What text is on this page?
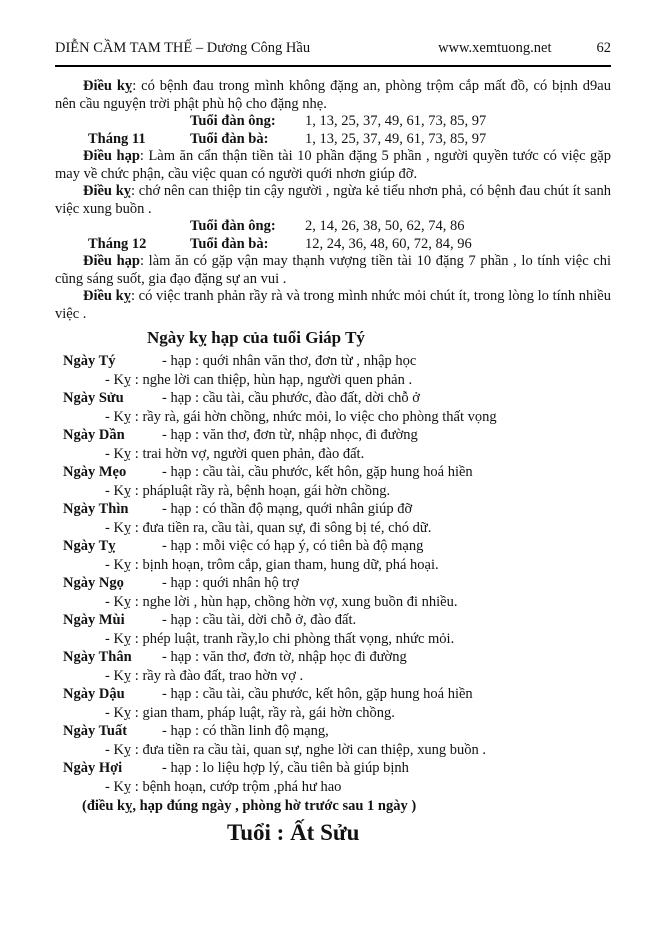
DIỄN CẦM TAM THẾ – Dương Công Hầu	www.xemtuong.net	62

Điều kỵ: có bệnh đau trong mình không đặng an, phòng trộm cắp mất đồ, có bịnh d9au nên cầu nguyện trời phật phù hộ cho đặng nhẹ.

Tuổi đàn ông: 1, 13, 25, 37, 49, 61, 73, 85, 97
Tháng 11	Tuổi đàn bà:	1, 13, 25, 37, 49, 61, 73, 85, 97

Điều hạp: Làm ăn cẩn thận tiền tài 10 phần đặng 5 phần , người quyền tước có việc gặp may về chức phận, cầu việc quan có người quới nhơn giúp đỡ.

Điều kỵ: chớ nên can thiệp tin cậy người , ngừa kẻ tiểu nhơn phả, có bệnh đau chút ít sanh việc xung buồn .

Tuổi đàn ông: 2, 14, 26, 38, 50, 62, 74, 86
Tháng 12	Tuổi đàn bà:	12, 24, 36, 48, 60, 72, 84, 96

Điều hạp: làm ăn có gặp vận may thạnh vượng tiền tài 10 đặng 7 phần , lo tính việc chi cũng sáng suốt, gia đạo đặng sự an vui .

Điều kỵ: có việc tranh phản rầy rà và trong mình nhức mỏi chút ít, trong lòng lo tính nhiều việc .

Ngày kỵ hạp của tuổi Giáp Tý
Ngày Tý	- hạp : quới nhân văn thơ, đơn từ , nhập học
- Kỵ : nghe lời can thiệp, hùn hạp, người quen phản .
Ngày Sửu	- hạp : cầu tài, cầu phước, đào đất, dời chỗ ở
- Kỵ : rầy rà, gái hờn chồng, nhức mỏi, lo việc cho phòng thất vọng
Ngày Dần	- hạp : văn thơ, đơn từ, nhập nhọc, đi đường
- Kỵ : trai hờn vợ, người quen phản, đào đất.
Ngày Mẹo - hạp : cầu tài, cầu phước, kết hôn, gặp hung hoá hiền
- Kỵ : phápluật rầy rà, bệnh hoạn, gái hờn chồng.
Ngày Thìn - hạp : có thần độ mạng, quới nhân giúp đỡ
- Kỵ : đưa tiền ra, cầu tài, quan sự, đi sông bị té, chó dữ.
Ngày Tỵ	- hạp : mỗi việc có hạp ý, có tiên bà độ mạng
- Kỵ : bịnh hoạn, trôm cắp, gian tham, hung dữ, phá hoại.
Ngày Ngọ	- hạp : quới nhân hộ trợ
- Kỵ : nghe lời , hùn hạp, chồng hờn vợ, xung buồn đi nhiều.
Ngày Mùi	- hạp : cầu tài, dời chỗ ở, đào đất.
- Kỵ : phép luật, tranh rầy,lo chi phòng thất vọng, nhức mỏi.
Ngày Thân - hạp : văn thơ, đơn tờ, nhập học đi đường
- Kỵ : rầy rà đào đất, trao hờn vợ .
Ngày Dậu	- hạp : cầu tài, cầu phước, kết hôn, gặp hung hoá hiền
- Kỵ : gian tham, pháp luật, rầy rà, gái hờn chồng.
Ngày Tuất - hạp : có thần linh độ mạng,
- Kỵ : đưa tiền ra cầu tài, quan sự, nghe lời can thiệp, xung buồn .
Ngày Hợi	- hạp : lo liệu hợp lý, cầu tiên bà giúp bịnh
- Kỵ : bệnh hoạn, cướp trộm ,phá hư hao
(điều kỵ, hạp đúng ngày , phòng hờ trước sau 1 ngày )
Tuổi : Ất Sửu
